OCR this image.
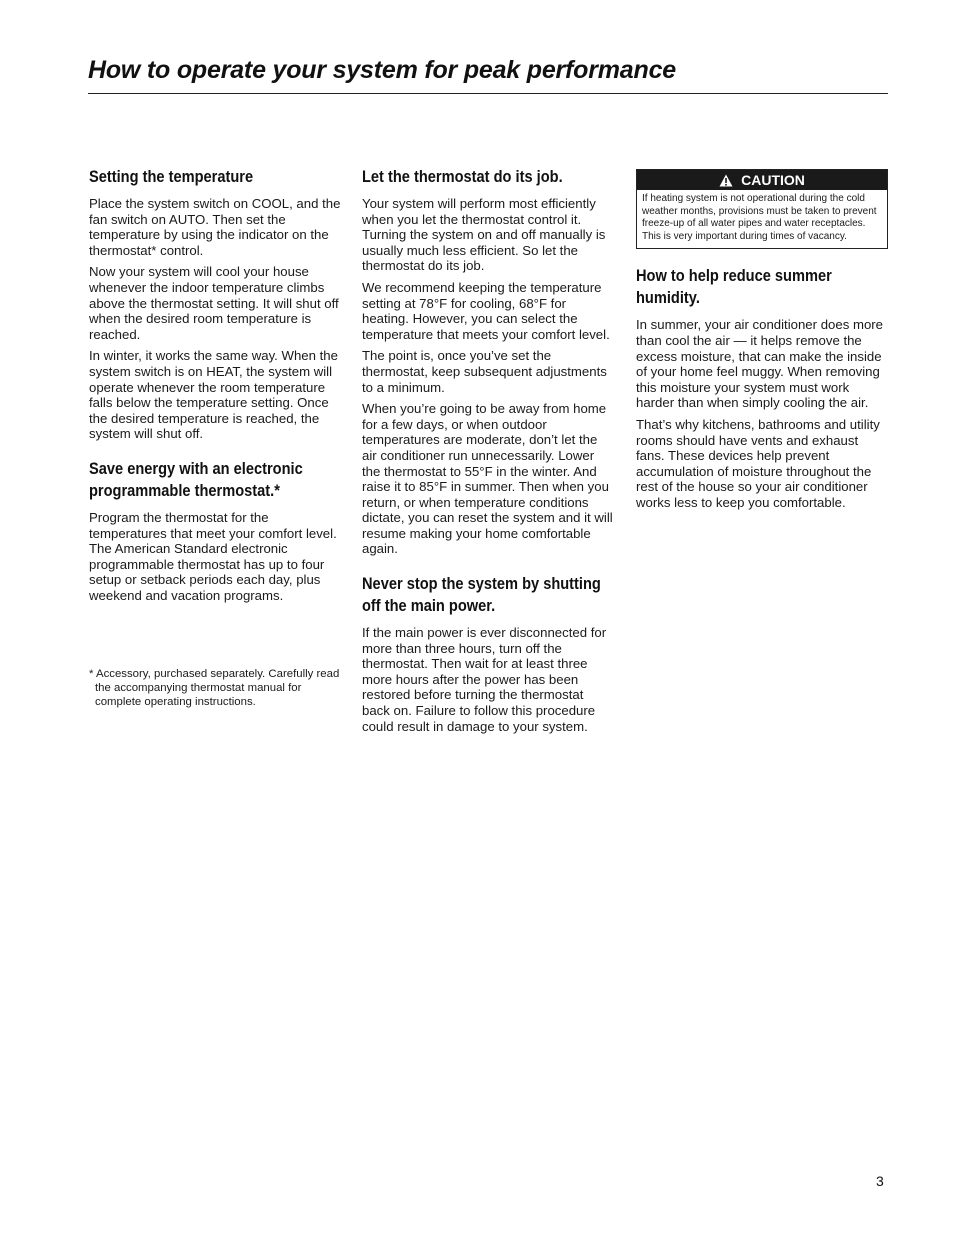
How to operate your system for peak performance
Setting the temperature

Place the system switch on COOL, and the fan switch on AUTO. Then set the temperature by using the indicator on the thermostat* control.

Now your system will cool your house whenever the indoor temperature climbs above the thermostat setting. It will shut off when the desired room temperature is reached.

In winter, it works the same way. When the system switch is on HEAT, the system will operate whenever the room temperature falls below the temperature setting. Once the desired temperature is reached, the system will shut off.

Save energy with an electronic programmable thermostat.*

Program the thermostat for the temperatures that meet your comfort level. The American Standard electronic programmable thermostat has up to four setup or setback periods each day, plus weekend and vacation programs.

* Accessory, purchased separately. Carefully read the accompanying thermostat manual for complete operating instructions.
Let the thermostat do its job.

Your system will perform most efficiently when you let the thermostat control it. Turning the system on and off manually is usually much less efficient. So let the thermostat do its job.

We recommend keeping the temperature setting at 78°F for cooling, 68°F for heating. However, you can select the temperature that meets your comfort level.

The point is, once you’ve set the thermostat, keep subsequent adjustments to a minimum.

When you’re going to be away from home for a few days, or when outdoor temperatures are moderate, don’t let the air conditioner run unnecessarily. Lower the thermostat to 55°F in the winter. And raise it to 85°F in summer. Then when you return, or when temperature conditions dictate, you can reset the system and it will resume making your home comfortable again.

Never stop the system by shutting off the main power.

If the main power is ever disconnected for more than three hours, turn off the thermostat. Then wait for at least three more hours after the power has been restored before turning the thermostat back on. Failure to follow this procedure could result in damage to your system.

CAUTION

If heating system is not operational during the cold weather months, provisions must be taken to prevent freeze-up of all water pipes and water receptacles. This is very important during times of vacancy.

How to help reduce summer humidity.

In summer, your air conditioner does more than cool the air — it helps remove the excess moisture, that can make the inside of your home feel muggy. When removing this moisture your system must work harder than when simply cooling the air.

That’s why kitchens, bathrooms and utility rooms should have vents and exhaust fans. These devices help prevent accumulation of moisture throughout the rest of the house so your air conditioner works less to keep you comfortable.

3
